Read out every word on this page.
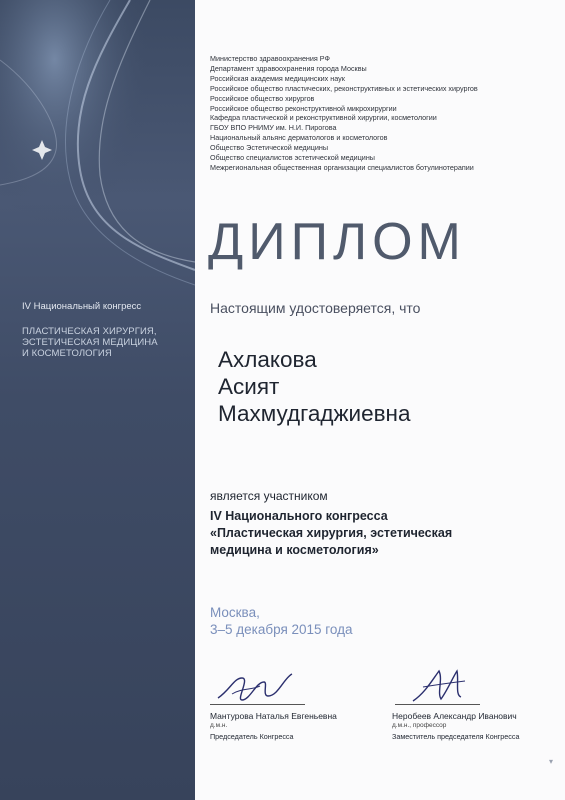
IV Национальный конгресс
ПЛАСТИЧЕСКАЯ ХИРУРГИЯ,
ЭСТЕТИЧЕСКАЯ МЕДИЦИНА
И КОСМЕТОЛОГИЯ
Министерство здравоохранения РФ
Департамент здравоохранения города Москвы
Российская академия медицинских наук
Российское общество пластических, реконструктивных и эстетических хирургов
Российское общество хирургов
Российское общество реконструктивной микрохирургии
Кафедра пластической и реконструктивной хирургии, косметологии
ГБОУ ВПО РНИМУ им. Н.И. Пирогова
Национальный альянс дерматологов и косметологов
Общество Эстетической медицины
Общество специалистов эстетической медицины
Межрегиональная общественная организации специалистов ботулинотерапии
ДИПЛОМ
Настоящим удостоверяется, что
Ахлакова
Асият
Махмудгаджиевна
является участником
IV Национального конгресса
«Пластическая хирургия, эстетическая
медицина и косметология»
Москва,
3–5 декабря 2015 года
Мантурова Наталья Евгеньевна
д.м.н.
Председатель Конгресса
Неробеев Александр Иванович
д.м.н., профессор
Заместитель председателя Конгресса
▾
